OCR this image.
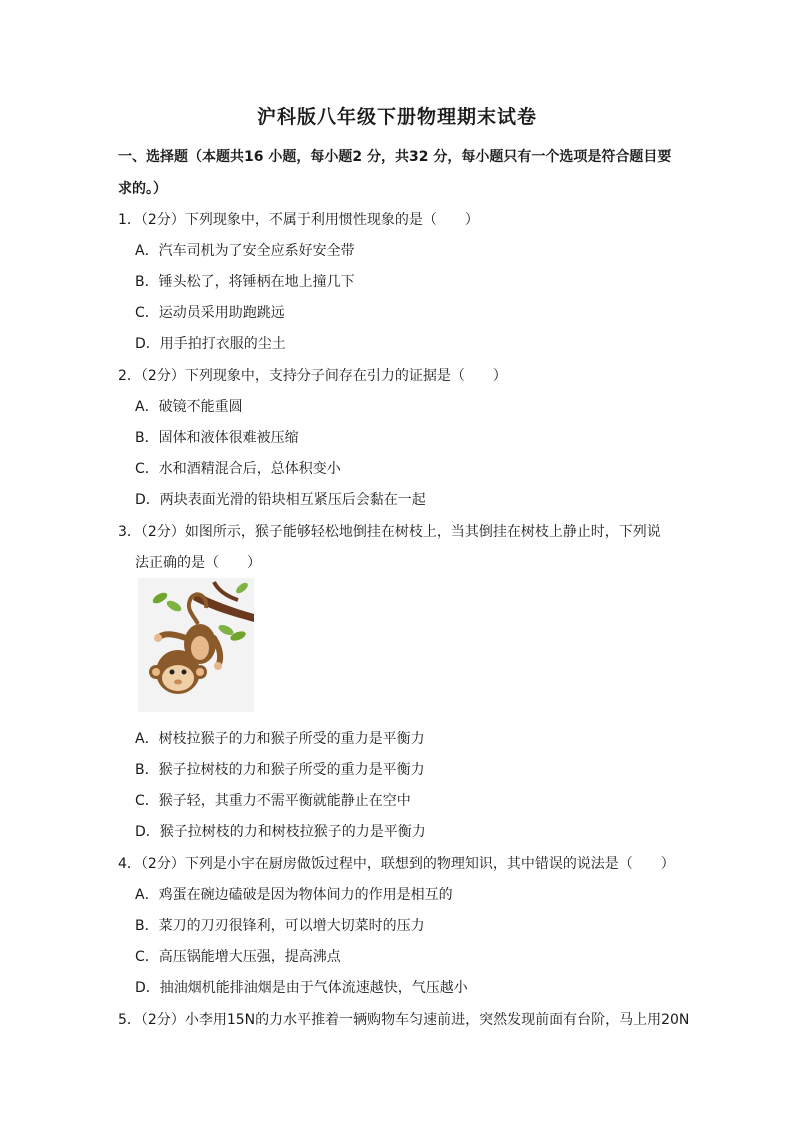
沪科版八年级下册物理期末试卷
一、选择题（本题共16 小题，每小题2 分，共32 分，每小题只有一个选项是符合题目要
求的。）
1．（2分）下列现象中，不属于利用惯性现象的是（　　）
A．汽车司机为了安全应系好安全带
B．锤头松了，将锤柄在地上撞几下
C．运动员采用助跑跳远
D．用手拍打衣服的尘土
2．（2分）下列现象中，支持分子间存在引力的证据是（　　）
A．破镜不能重圆
B．固体和液体很难被压缩
C．水和酒精混合后，总体积变小
D．两块表面光滑的铅块相互紧压后会黏在一起
3．（2分）如图所示，猴子能够轻松地倒挂在树枝上，当其倒挂在树枝上静止时，下列说
法正确的是（　　）
A．树枝拉猴子的力和猴子所受的重力是平衡力
B．猴子拉树枝的力和猴子所受的重力是平衡力
C．猴子轻，其重力不需平衡就能静止在空中
D．猴子拉树枝的力和树枝拉猴子的力是平衡力
4．（2分）下列是小宇在厨房做饭过程中，联想到的物理知识，其中错误的说法是（　　）
A．鸡蛋在碗边磕破是因为物体间力的作用是相互的
B．菜刀的刀刃很锋利，可以增大切菜时的压力
C．高压锅能增大压强，提高沸点
D．抽油烟机能排油烟是由于气体流速越快，气压越小
5．（2分）小李用15N的力水平推着一辆购物车匀速前进，突然发现前面有台阶，马上用20N
